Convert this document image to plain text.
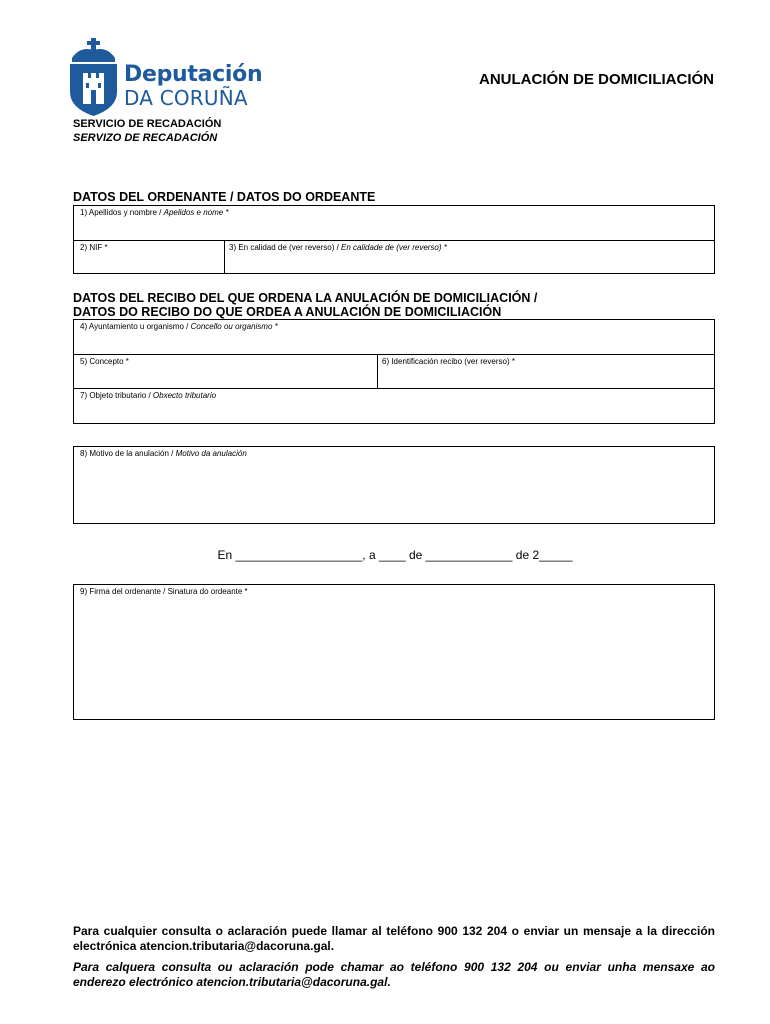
Deputación
DA CORUÑA
ANULACIÓN DE DOMICILIACIÓN
SERVICIO DE RECADACIÓN
SERVIZO DE RECADACIÓN
DATOS DEL ORDENANTE / DATOS DO ORDEANTE
1) Apellidos y nombre / Apelidos e nome *
2) NIF *	3) En calidad de (ver reverso) / En calidade de (ver reverso) *
DATOS DEL RECIBO DEL QUE ORDENA LA ANULACIÓN DE DOMICILIACIÓN /
DATOS DO RECIBO DO QUE ORDEA A ANULACIÓN DE DOMICILIACIÓN
4) Ayuntamiento u organismo / Concello ou organismo *
5) Concepto *	6) Identificación recibo (ver reverso) *
7) Objeto tributario / Obxecto tributario
8) Motivo de la anulación / Motivo da anulación
En ___________________, a ____ de _____________ de 2_____
9) Firma del ordenante / Sinatura do ordeante *
Para cualquier consulta o aclaración puede llamar al teléfono 900 132 204 o enviar un mensaje a la dirección electrónica atencion.tributaria@dacoruna.gal.
Para calquera consulta ou aclaración pode chamar ao teléfono 900 132 204 ou enviar unha mensaxe ao enderezo electrónico atencion.tributaria@dacoruna.gal.
